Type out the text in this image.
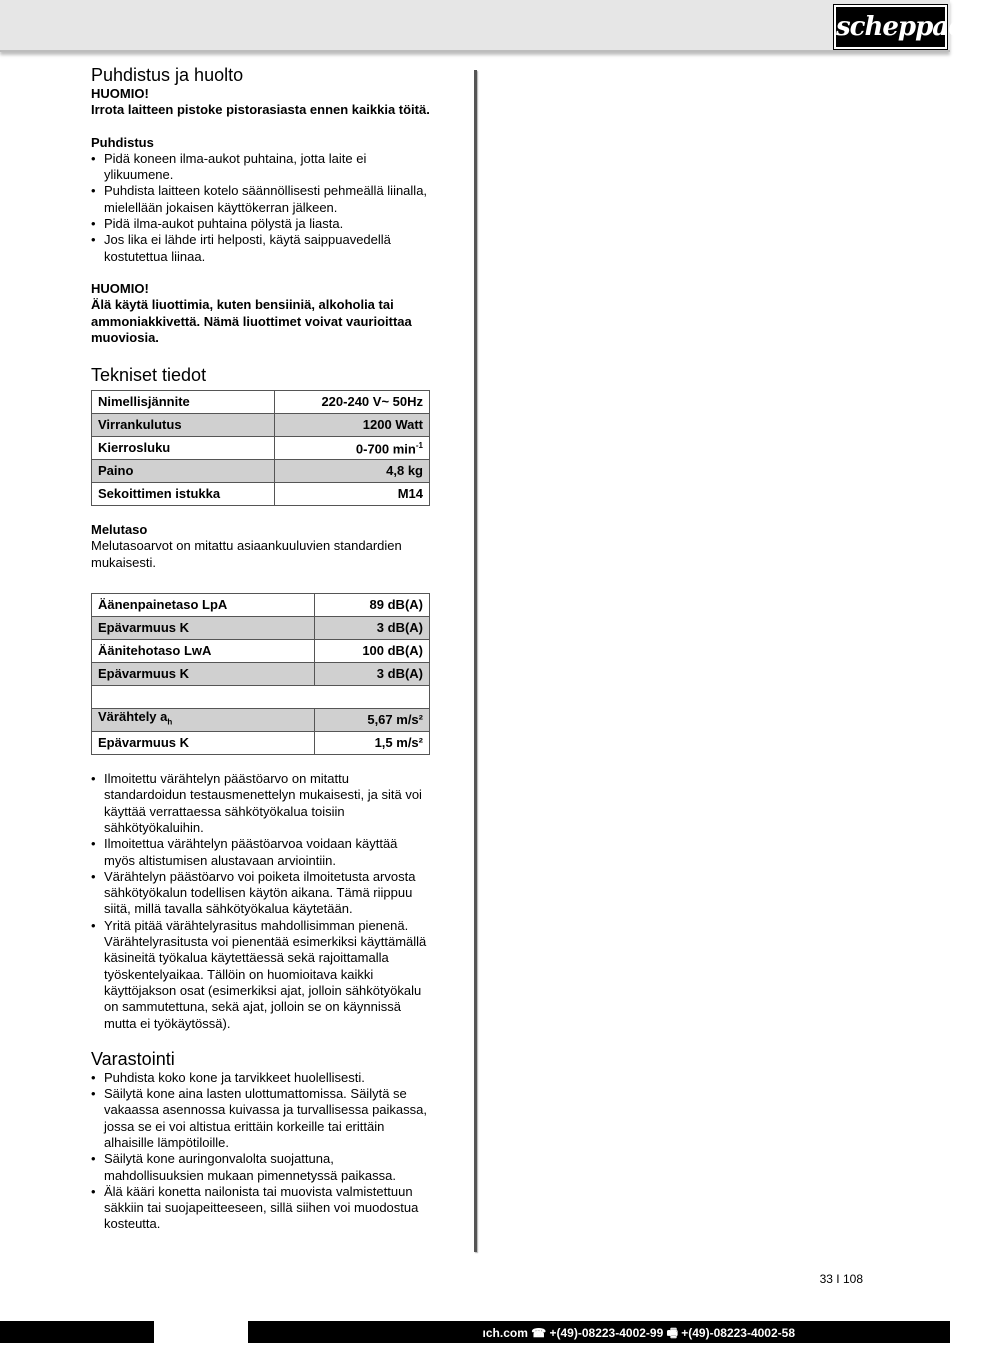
scheppach
Puhdistus ja huolto

HUOMIO!

Irrota laitteen pistoke pistorasiasta ennen kaikkia töitä.

Puhdistus

• Pidä koneen ilma-aukot puhtaina, jotta laite ei ylikuumene.
• Puhdista laitteen kotelo säännöllisesti pehmeällä liinalla, mielellään jokaisen käyttökerran jälkeen.
• Pidä ilma-aukot puhtaina pölystä ja liasta.
• Jos lika ei lähde irti helposti, käytä saippuavedellä kostutettua liinaa.

HUOMIO!

Älä käytä liuottimia, kuten bensiiniä, alkoholia tai ammoniakkivettä. Nämä liuottimet voivat vaurioittaa muoviosia.

Tekniset tiedot
Nimellisjännite	220-240 V~ 50Hz
Virrankulutus	1200 Watt
Kierrosluku	0-700 $\min^{-1}$
Paino	4,8 kg
Sekoittimen istukka	M14

Melutaso

Melutasoarvot on mitattu asiaankuuluvien standardien mukaisesti.

Äänenpainetaso LpA	89 dB(A)
Epävarmuus K	3 dB(A)
Äänitehotaso LwA	100 dB(A)
Epävarmuus K	3 dB(A)

Värähtely $a_h$	5,67 m/s²
Epävarmuus K	1,5 m/s²
• Ilmoitettu värähtelyn päästöarvo on mitattu standardoidun testausmenettelyn mukaisesti, ja sitä voi käyttää verrattaessa sähkötyökalua toisiin sähkötyökaluihin.
• Ilmoitettua värähtelyn päästöarvoa voidaan käyttää myös altistumisen alustavaan arviointiin.
• Värähtelyn päästöarvo voi poiketa ilmoitetusta arvosta sähkötyökalun todellisen käytön aikana. Tämä riippuu siitä, millä tavalla sähkötyökalua käytetään.
• Yritä pitää värähtelyrasitus mahdollisimman pienenä. Värähtelyrasitusta voi pienentää esimerkiksi käyttämällä käsineitä työkalua käytettäessä sekä rajoittamalla työskentelyaikaa. Tällöin on huomioitava kaikki käyttöjakson osat (esimerkiksi ajat, jolloin sähkötyökalu on sammutettuna, sekä ajat, jolloin se on käynnissä mutta ei työkäytössä).
Varastointi
• Puhdista koko kone ja tarvikkeet huolellisesti.
• Säilytä kone aina lasten ulottumattomissa. Säilytä se vakaassa asennossa kuivassa ja turvallisessa paikassa, jossa se ei voi altistua erittäin korkeille tai erittäin alhaisille lämpötiloille.
• Säilytä kone auringonvalolta suojattuna, mahdollisuuksien mukaan pimennetyssä paikassa.
• Älä kääri konetta nailonista tai muovista valmistettuun säkkiin tai suojapeitteeseen, sillä siihen voi muodostua kosteutta.
33 I 108
ıch.com ☎ +(49)-08223-4002-99 🖷 +(49)-08223-4002-58
